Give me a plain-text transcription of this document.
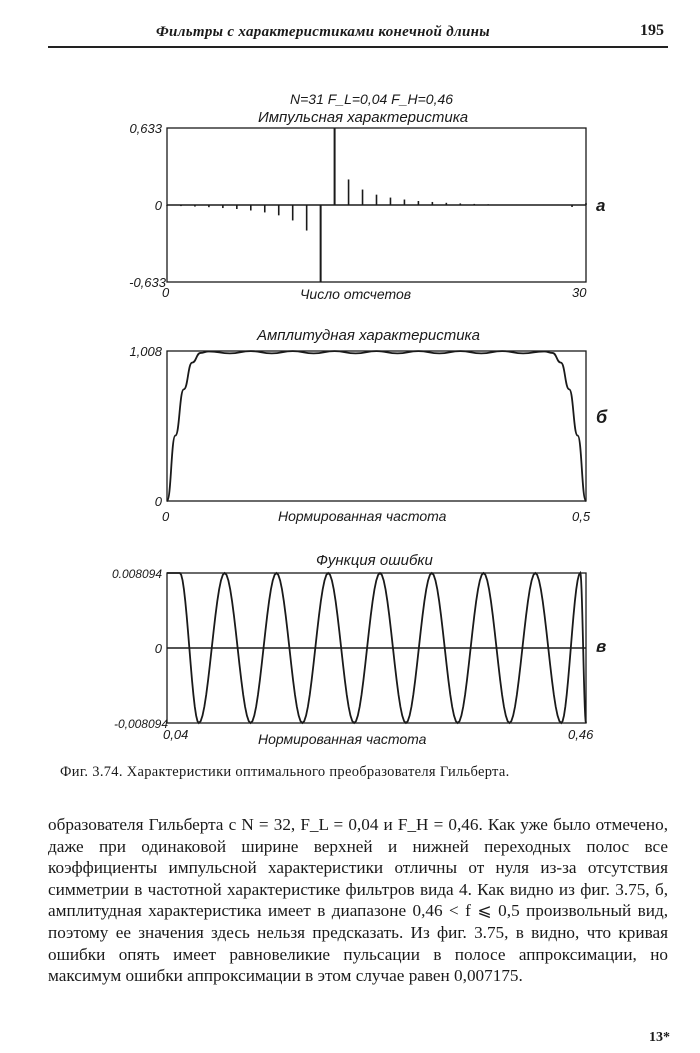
Фильтры с характеристиками конечной длины	195
N=31 F_L=0,04 F_H=0,46
Импульсная характеристика
0,633
0
-0,633
0	30
Число отсчетов
a
Амплитудная характеристика
1,008
0
0	0,5
Нормированная частота
б
Функция ошибки
0.008094
0
-0,008094
0,04	0,46
Нормированная частота
в
Фиг. 3.74. Характеристики оптимального преобразователя Гильберта.

образователя Гильберта с N = 32, F_L = 0,04 и F_H = 0,46. Как уже было отмечено, даже при одинаковой ширине верхней и нижней переходных полос все коэффициенты импульсной характеристики отличны от нуля из-за отсутствия симметрии в частотной характеристике фильтров вида 4. Как видно из фиг. 3.75, б, амплитудная характеристика имеет в диапазоне 0,46 < f ⩽ 0,5 произвольный вид, поэтому ее значения здесь нельзя предсказать. Из фиг. 3.75, в видно, что кривая ошибки опять имеет равновеликие пульсации в полосе аппроксимации, но максимум ошибки аппроксимации в этом случае равен 0,007175.

13*
